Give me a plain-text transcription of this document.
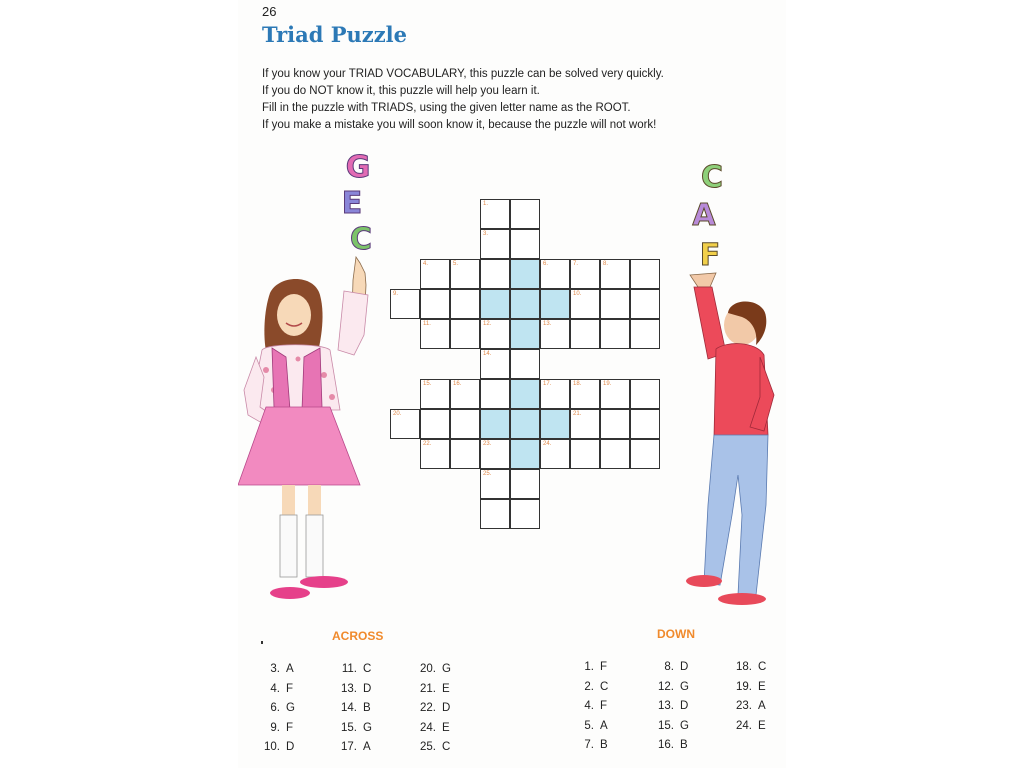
26
Triad Puzzle
If you know your TRIAD VOCABULARY, this puzzle can be solved very quickly.
If you do NOT know it, this puzzle will help you learn it.
Fill in the puzzle with TRIADS, using the given letter name as the ROOT.
If you make a mistake you will soon know it, because the puzzle will not work!
G
E
C
C
A
F
1.
3.
4.	5.	6.	7.	8.
9.	10.
11.	12.	13.
14.
15.	16.	17.	18.	19.
20.	21.
22.	23.	24.
25.
ACROSS	DOWN
3. A
4. F
6. G
9. F
10. D
11. C
13. D
14. B
15. G
17. A
20. G
21. E
22. D
24. E
25. C
1. F
2. C
4. F
5. A
7. B
8. D
12. G
13. D
15. G
16. B
18. C
19. E
23. A
24. E
